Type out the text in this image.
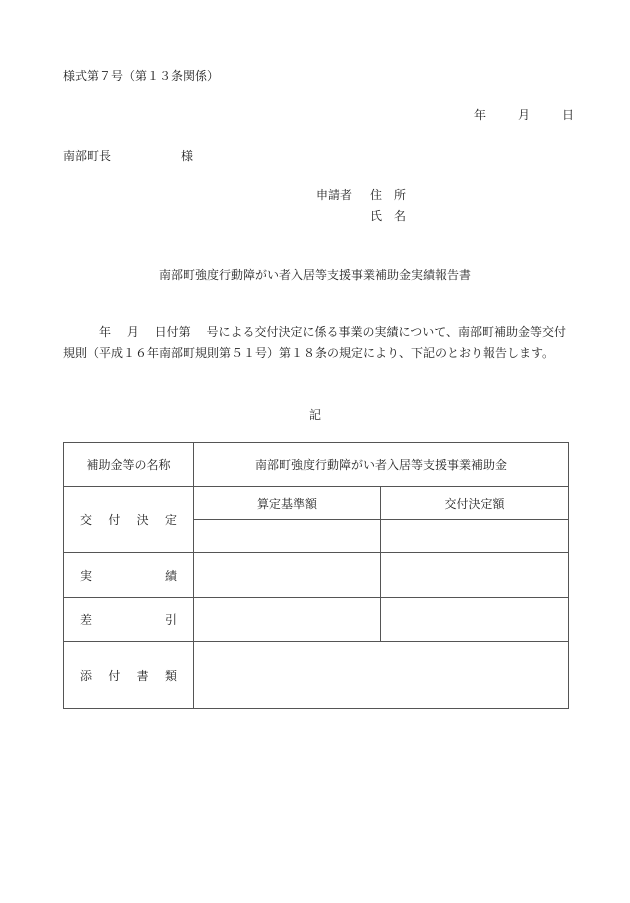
様式第７号（第１３条関係）
年	月	日
南部町長	様
申請者 住　所
氏　名
南部町強度行動障がい者入居等支援事業補助金実績報告書
　　　年　 月　 日付第　 号による交付決定に係る事業の実績について、南部町補助金等交付規則（平成１６年南部町規則第５１号）第１８条の規定により、下記のとおり報告します。
記
補助金等の名称	南部町強度行動障がい者入居等支援事業補助金	

交 付 決 定	算定基準額	交付決定額

実 績		

差 引		

添 付 書 類		
